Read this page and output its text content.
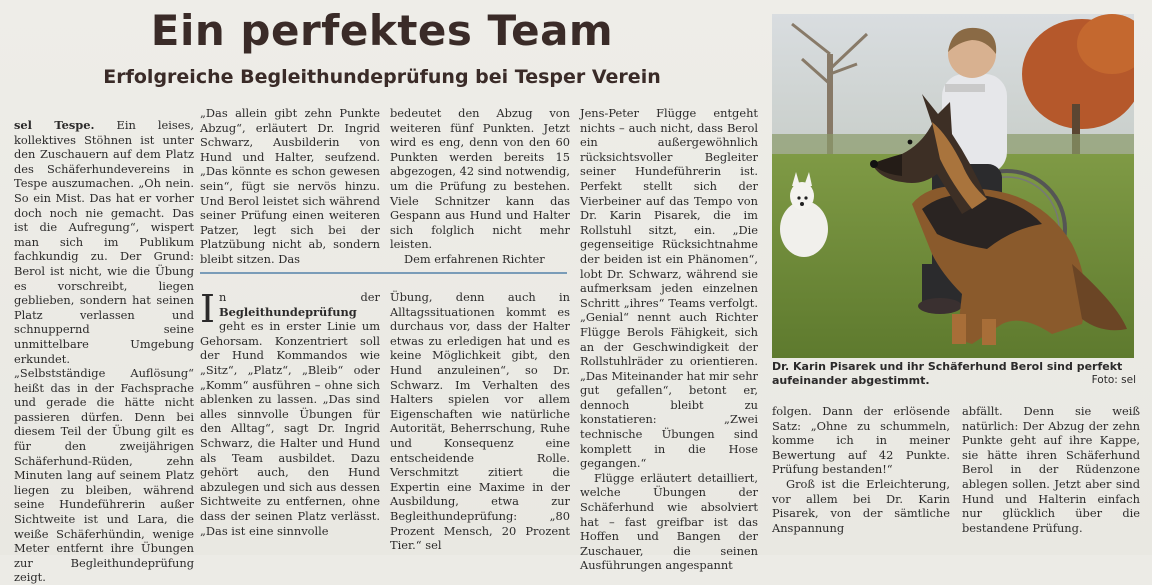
Ein perfektes Team
Erfolgreiche Begleithundeprüfung bei Tesper Verein

sel Tespe. Ein leises, kollektives Stöhnen ist unter den Zuschauern auf dem Platz des Schäferhundevereins in Tespe auszumachen. „Oh nein. So ein Mist. Das hat er vorher doch noch nie gemacht. Das ist die Aufregung“, wispert man sich im Publikum fachkundig zu. Der Grund: Berol ist nicht, wie die Übung es vorschreibt, liegen geblieben, sondern hat seinen Platz verlassen und schnuppernd seine unmittelbare Umgebung erkundet.

„Selbstständige Auflösung“ heißt das in der Fachsprache und gerade die hätte nicht passieren dürfen. Denn bei diesem Teil der Übung gilt es für den zweijährigen Schäferhund-Rüden, zehn Minuten lang auf seinem Platz liegen zu bleiben, während seine Hundeführerin außer Sichtweite ist und Lara, die weiße Schäferhündin, wenige Meter entfernt ihre Übungen zur Begleithundeprüfung zeigt.

„Das allein gibt zehn Punkte Abzug“, erläutert Dr. Ingrid Schwarz, Ausbilderin von Hund und Halter, seufzend. „Das könnte es schon gewesen sein“, fügt sie nervös hinzu. Und Berol leistet sich während seiner Prüfung einen weiteren Patzer, legt sich bei der Platzübung nicht ab, sondern bleibt sitzen. Das

bedeutet den Abzug von weiteren fünf Punkten. Jetzt wird es eng, denn von den 60 Punkten werden bereits 15 abgezogen, 42 sind notwendig, um die Prüfung zu bestehen. Viele Schnitzer kann das Gespann aus Hund und Halter sich folglich nicht mehr leisten.

Dem erfahrenen Richter

Jens-Peter Flügge entgeht nichts – auch nicht, dass Berol ein außergewöhnlich rücksichtsvoller Begleiter seiner Hundeführerin ist. Perfekt stellt sich der Vierbeiner auf das Tempo von Dr. Karin Pisarek, die im Rollstuhl sitzt, ein. „Die gegenseitige Rücksichtnahme der beiden ist ein Phänomen“, lobt Dr. Schwarz, während sie aufmerksam jeden einzelnen Schritt „ihres“ Teams verfolgt. „Genial“ nennt auch Richter Flügge Berols Fähigkeit, sich an der Geschwindigkeit der Rollstuhlräder zu orientieren. „Das Miteinander hat mir sehr gut gefallen“, betont er, dennoch bleibt zu konstatieren: „Zwei technische Übungen sind komplett in die Hose gegangen.“

Flügge erläutert detailliert, welche Übungen der Schäferhund wie absolviert hat – fast greifbar ist das Hoffen und Bangen der Zuschauer, die seinen Ausführungen angespannt

In der Begleithundeprüfung geht es in erster Linie um Gehorsam. Konzentriert soll der Hund Kommandos wie „Sitz“, „Platz“, „Bleib“ oder „Komm“ ausführen – ohne sich ablenken zu lassen. „Das sind alles sinnvolle Übungen für den Alltag“, sagt Dr. Ingrid Schwarz, die Halter und Hund als Team ausbildet. Dazu gehört auch, den Hund abzulegen und sich aus dessen Sichtweite zu entfernen, ohne dass der seinen Platz verlässt. „Das ist eine sinnvolle

Übung, denn auch in Alltagssituationen kommt es durchaus vor, dass der Halter etwas zu erledigen hat und es keine Möglichkeit gibt, den Hund anzuleinen“, so Dr. Schwarz. Im Verhalten des Halters spielen vor allem Eigenschaften wie natürliche Autorität, Beherrschung, Ruhe und Konsequenz eine entscheidende Rolle. Verschmitzt zitiert die Expertin eine Maxime in der Ausbildung, etwa zur Begleithundeprüfung: „80 Prozent Mensch, 20 Prozent Tier.“ sel

Dr. Karin Pisarek und ihr Schäferhund Berol sind perfekt aufeinander abgestimmt.	Foto: sel

folgen. Dann der erlösende Satz: „Ohne zu schummeln, komme ich in meiner Bewertung auf 42 Punkte. Prüfung bestanden!“

Groß ist die Erleichterung, vor allem bei Dr. Karin Pisarek, von der sämtliche Anspannung

abfällt. Denn sie weiß natürlich: Der Abzug der zehn Punkte geht auf ihre Kappe, sie hätte ihren Schäferhund Berol in der Rüdenzone ablegen sollen. Jetzt aber sind Hund und Halterin einfach nur glücklich über die bestandene Prüfung.
